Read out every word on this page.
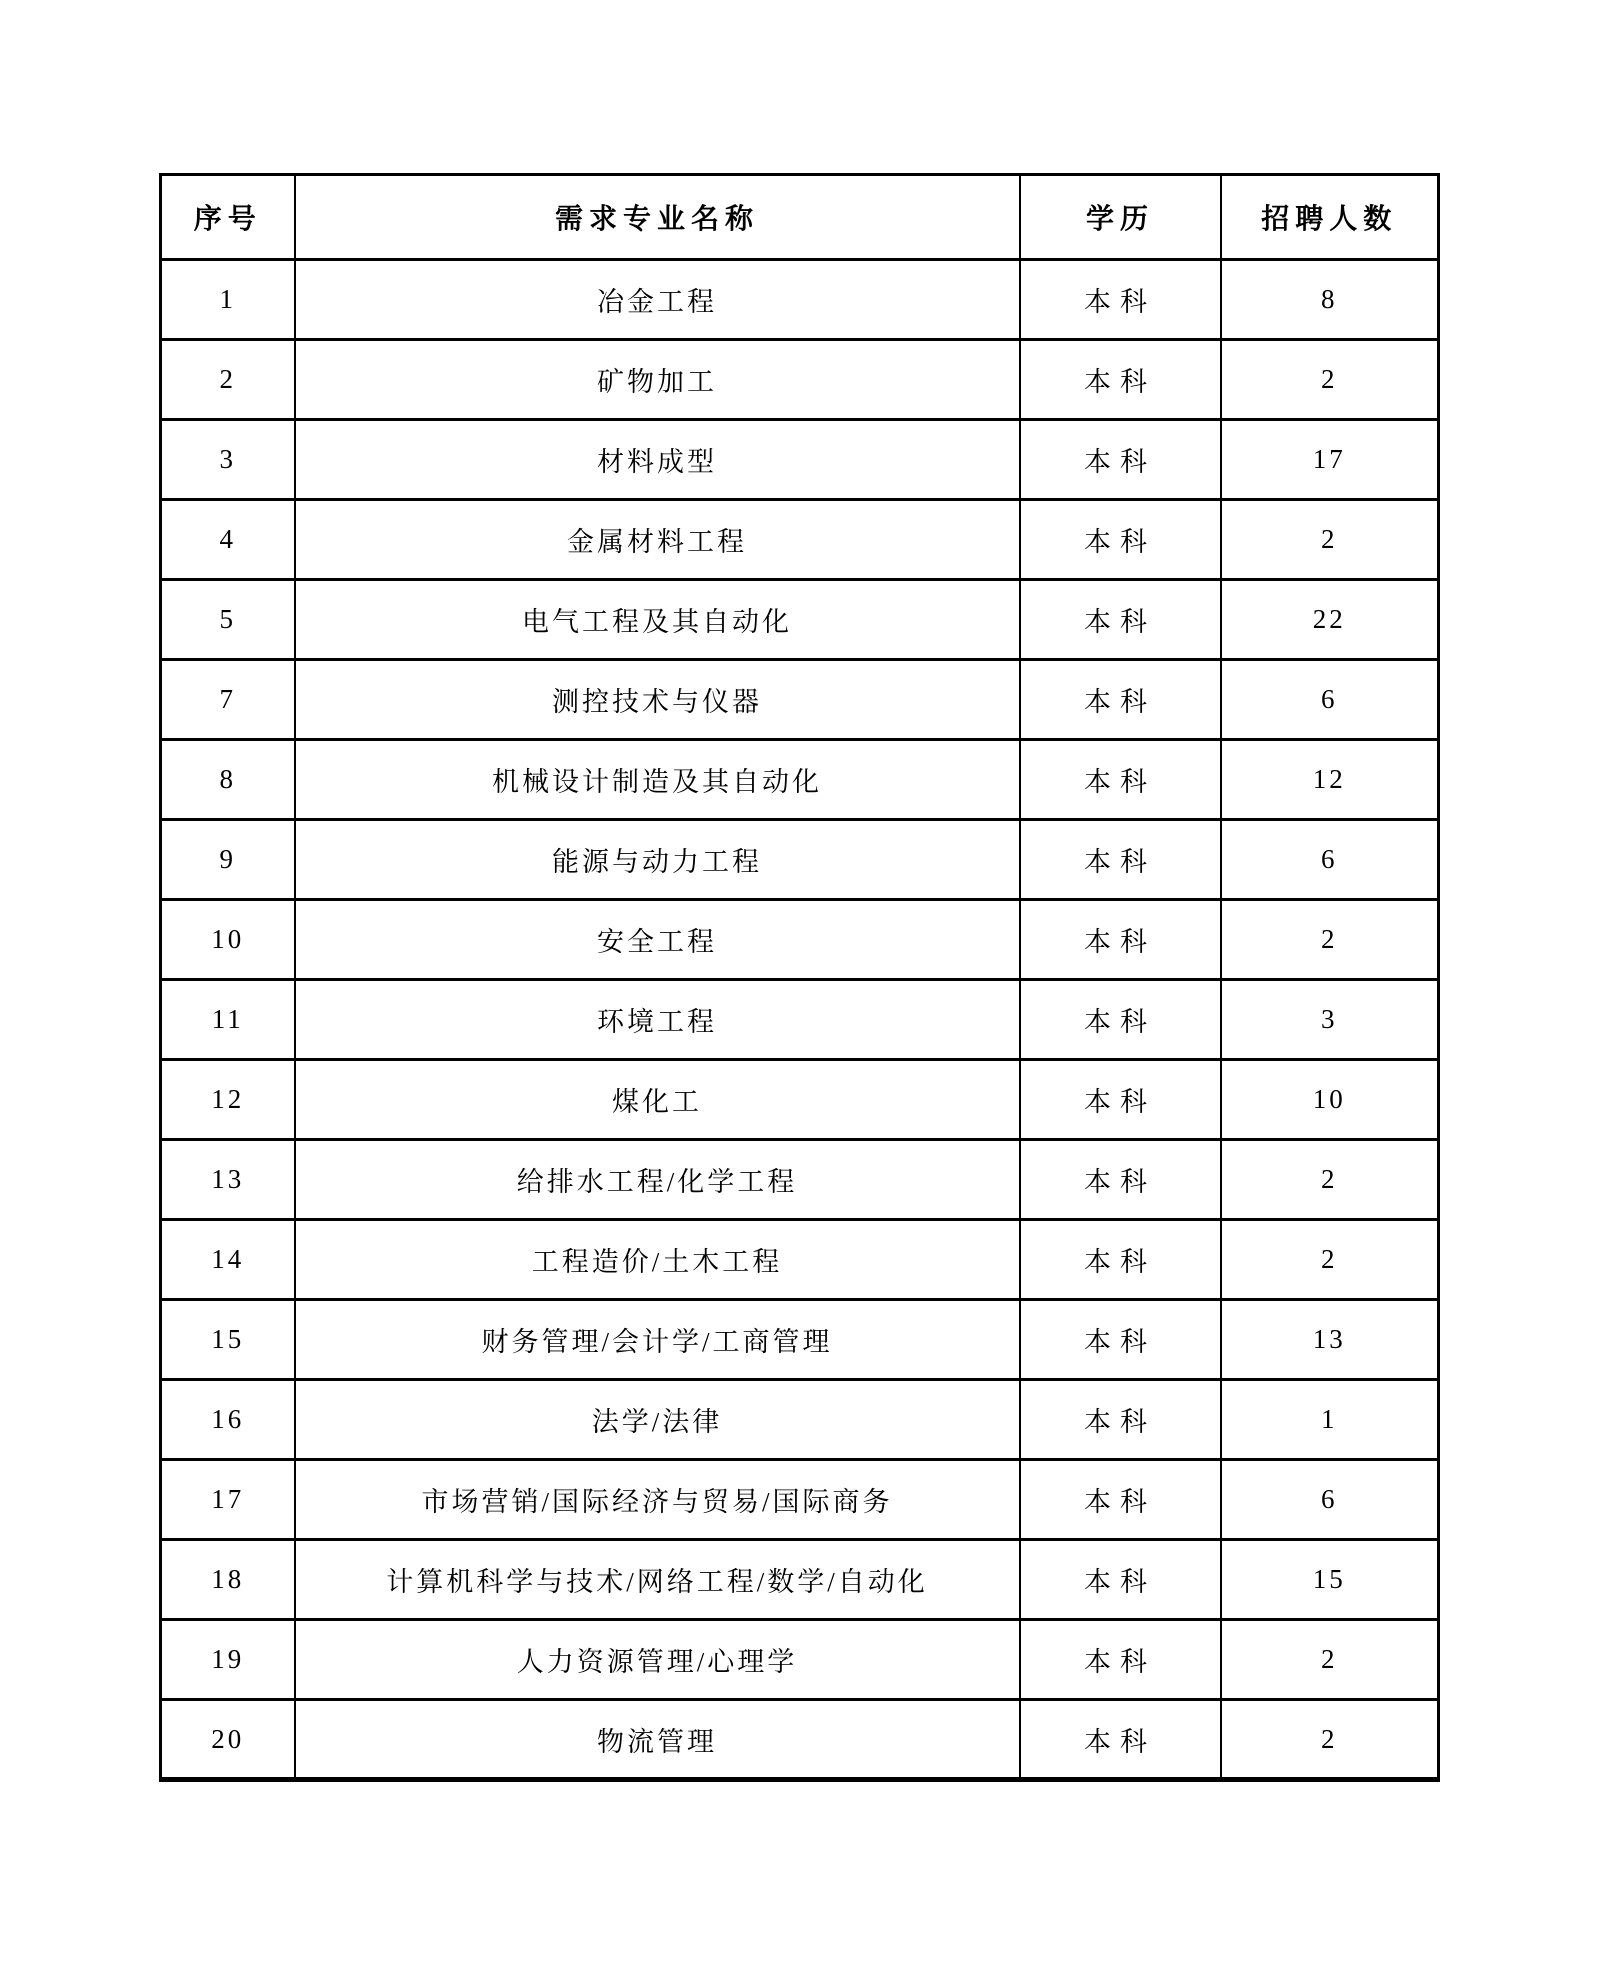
序号	需求专业名称	学历	招聘人数
1	冶金工程	本科	8
2	矿物加工	本科	2
3	材料成型	本科	17
4	金属材料工程	本科	2
5	电气工程及其自动化	本科	22
7	测控技术与仪器	本科	6
8	机械设计制造及其自动化	本科	12
9	能源与动力工程	本科	6
10	安全工程	本科	2
11	环境工程	本科	3
12	煤化工	本科	10
13	给排水工程/化学工程	本科	2
14	工程造价/土木工程	本科	2
15	财务管理/会计学/工商管理	本科	13
16	法学/法律	本科	1
17	市场营销/国际经济与贸易/国际商务	本科	6
18	计算机科学与技术/网络工程/数学/自动化	本科	15
19	人力资源管理/心理学	本科	2
20	物流管理	本科	2
